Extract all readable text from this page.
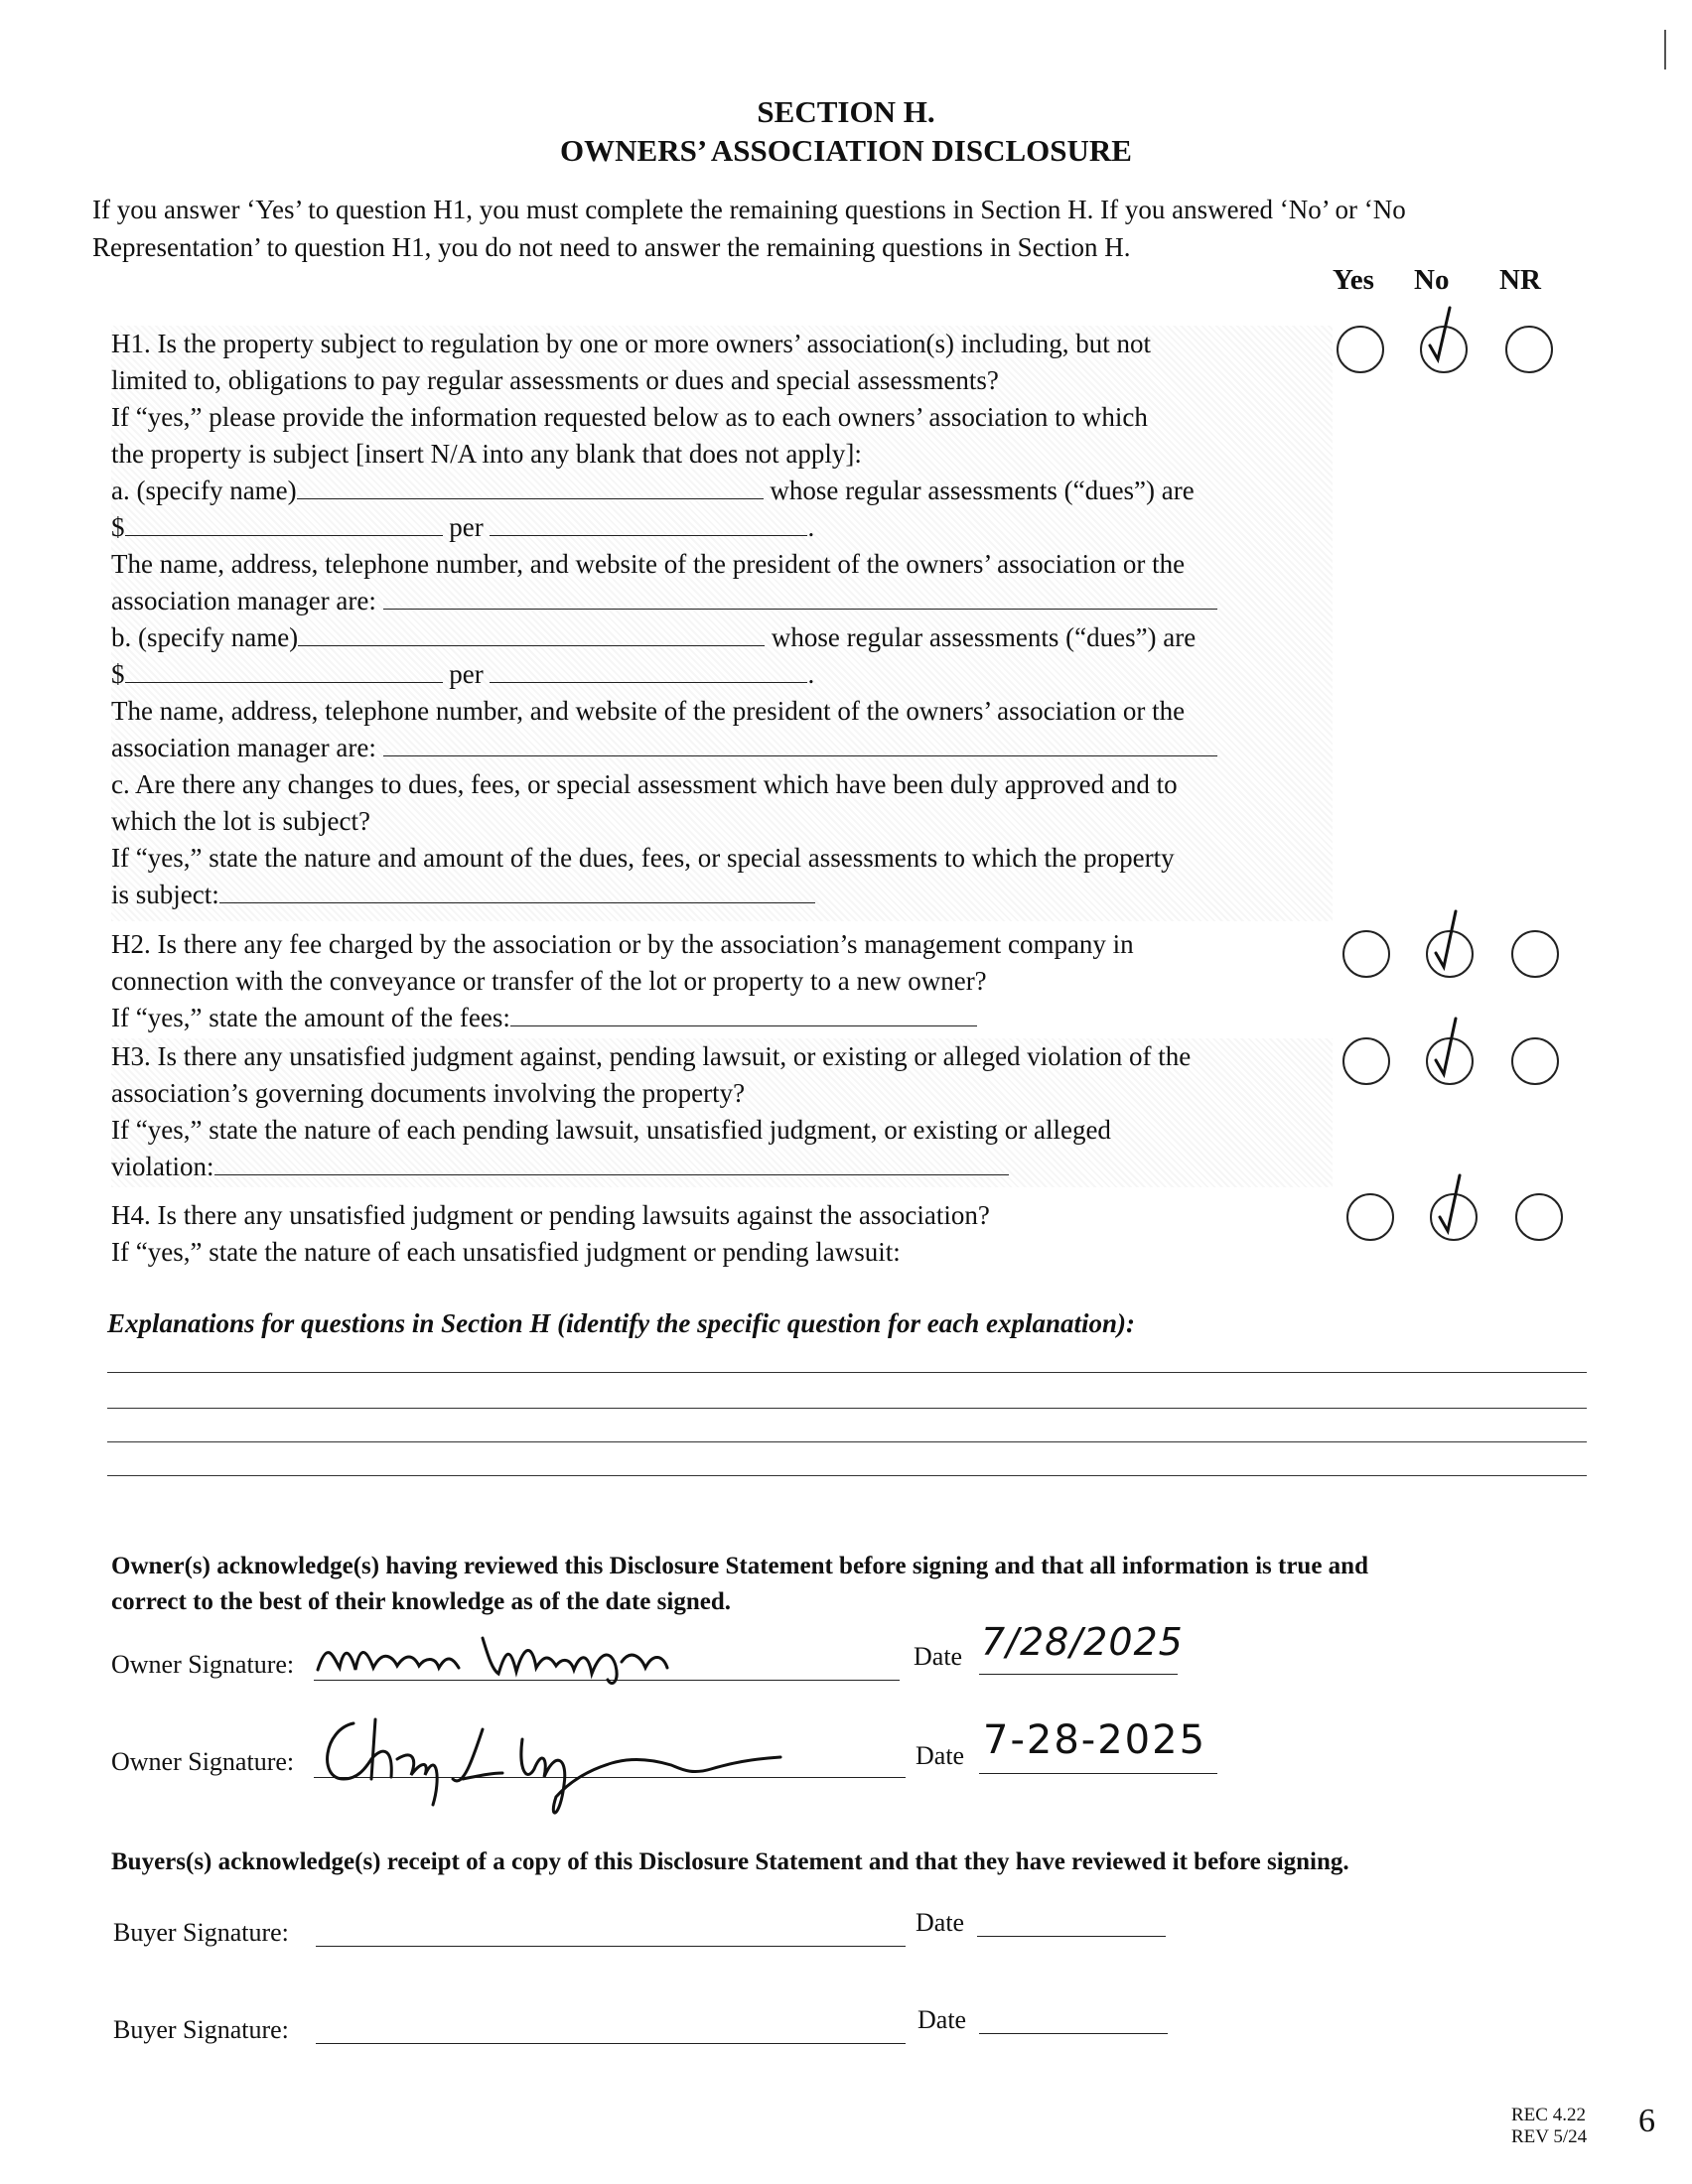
SECTION H.
OWNERS’ ASSOCIATION DISCLOSURE
If you answer ‘Yes’ to question H1, you must complete the remaining questions in Section H. If you answered ‘No’ or ‘No
Representation’ to question H1, you do not need to answer the remaining questions in Section H.
Yes No NR

H1. Is the property subject to regulation by one or more owners’ association(s) including, but not

limited to, obligations to pay regular assessments or dues and special assessments?

If “yes,” please provide the information requested below as to each owners’ association to which

the property is subject [insert N/A into any blank that does not apply]:

a. (specify name)	whose regular assessments (“dues”) are

$	per	.

The name, address, telephone number, and website of the president of the owners’ association or the

association manager are:

b. (specify name)	whose regular assessments (“dues”) are

$	per	.

The name, address, telephone number, and website of the president of the owners’ association or the

association manager are:

c. Are there any changes to dues, fees, or special assessment which have been duly approved and to

which the lot is subject?

If “yes,” state the nature and amount of the dues, fees, or special assessments to which the property

is subject:

H2. Is there any fee charged by the association or by the association’s management company in

connection with the conveyance or transfer of the lot or property to a new owner?

If “yes,” state the amount of the fees:

H3. Is there any unsatisfied judgment against, pending lawsuit, or existing or alleged violation of the

association’s governing documents involving the property?

If “yes,” state the nature of each pending lawsuit, unsatisfied judgment, or existing or alleged

violation:

H4. Is there any unsatisfied judgment or pending lawsuits against the association?

If “yes,” state the nature of each unsatisfied judgment or pending lawsuit:

Explanations for questions in Section H (identify the specific question for each explanation):
Owner(s) acknowledge(s) having reviewed this Disclosure Statement before signing and that all information is true and
correct to the best of their knowledge as of the date signed.
Owner Signature:	Date 7/28/2025
Owner Signature:	Date 7-28-2025
Buyers(s) acknowledge(s) receipt of a copy of this Disclosure Statement and that they have reviewed it before signing.
Buyer Signature:	Date
Buyer Signature:	Date
REC 4.22
REV 5/24 6
